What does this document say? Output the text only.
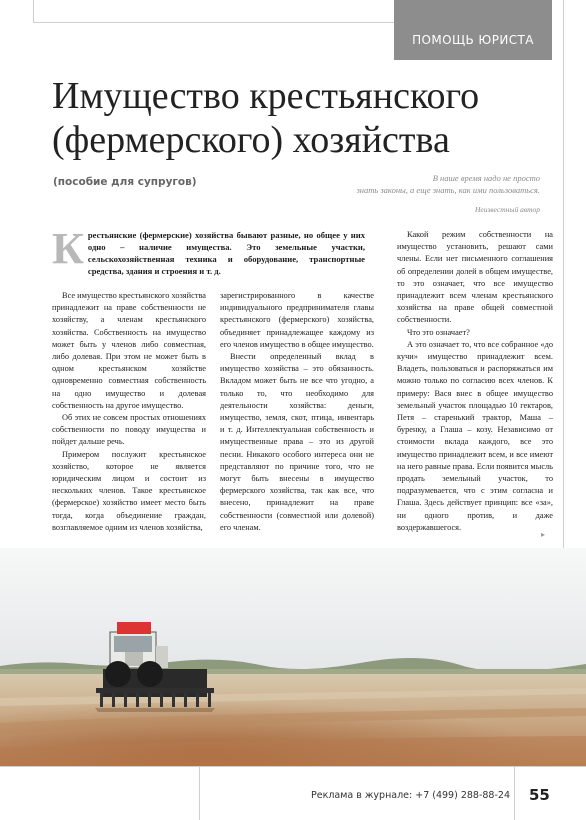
ПОМОЩЬ ЮРИСТА
Имущество крестьянского
(фермерского) хозяйства
(пособие для супругов)	В наше время надо не просто
знать законы, а еще знать, как ими пользоваться.
Неизвестный автор
Крестьянские (фермерские) хозяйства бывают разные, но общее у них одно – наличие имущества. Это земельные участки, сельскохозяйственная техника и оборудование, транспортные средства, здания и строения и т. д.

Все имущество крестьянского хозяйства принадлежит на праве собственности не хозяйству, а членам крестьянского хозяйства. Собственность на имущество может быть у членов либо совместная, либо долевая. При этом не может быть в одном крестьянском хозяйстве одновременно совместная собственность на одно имущество и долевая собственность на другое имущество.

Об этих не совсем простых отношениях собственности по поводу имущества и пойдет дальше речь.

Примером послужит крестьянское хозяйство, которое не является юридическим лицом и состоит из нескольких членов. Такое крестьянское (фермерское) хозяйство имеет место быть тогда, когда объединение граждан, возглавляемое одним из членов хозяйства,

зарегистрированного в качестве индивидуального предпринимателя главы крестьянского (фермерского) хозяйства, объединяет принадлежащее каждому из его членов имущество в общее имущество.

Внести определенный вклад в имущество хозяйства – это обязанность. Вкладом может быть не все что угодно, а только то, что необходимо для деятельности хозяйства: деньги, имущество, земля, скот, птица, инвентарь и т. д. Интеллектуальная собственность и имущественные права – это из другой песни. Никакого особого интереса они не представляют по причине того, что не могут быть внесены в имущество фермерского хозяйства, так как все, что внесено, принадлежит на праве собственности (совместной или долевой) его членам.

Какой режим собственности на имущество установить, решают сами члены. Если нет письменного соглашения об определении долей в общем имуществе, то это означает, что все имущество принадлежит всем членам крестьянского хозяйства на праве общей совместной собственности.

Что это означает?

А это означает то, что все собранное «до кучи» имущество принадлежит всем. Владеть, пользоваться и распоряжаться им можно только по согласию всех членов. К примеру: Вася внес в общее имущество земельный участок площадью 10 гектаров, Петя – старенький трактор, Маша – буренку, а Глаша – козу. Независимо от стоимости вклада каждого, все это имущество принадлежит всем, и все имеют на него равные права. Если появится мысль продать земельный участок, то подразумевается, что с этим согласна и Глаша. Здесь действует принцип: все «за», ни одного против, и даже воздержавшегося.

▸
Реклама в журнале: +7 (499) 288-88-24 55
